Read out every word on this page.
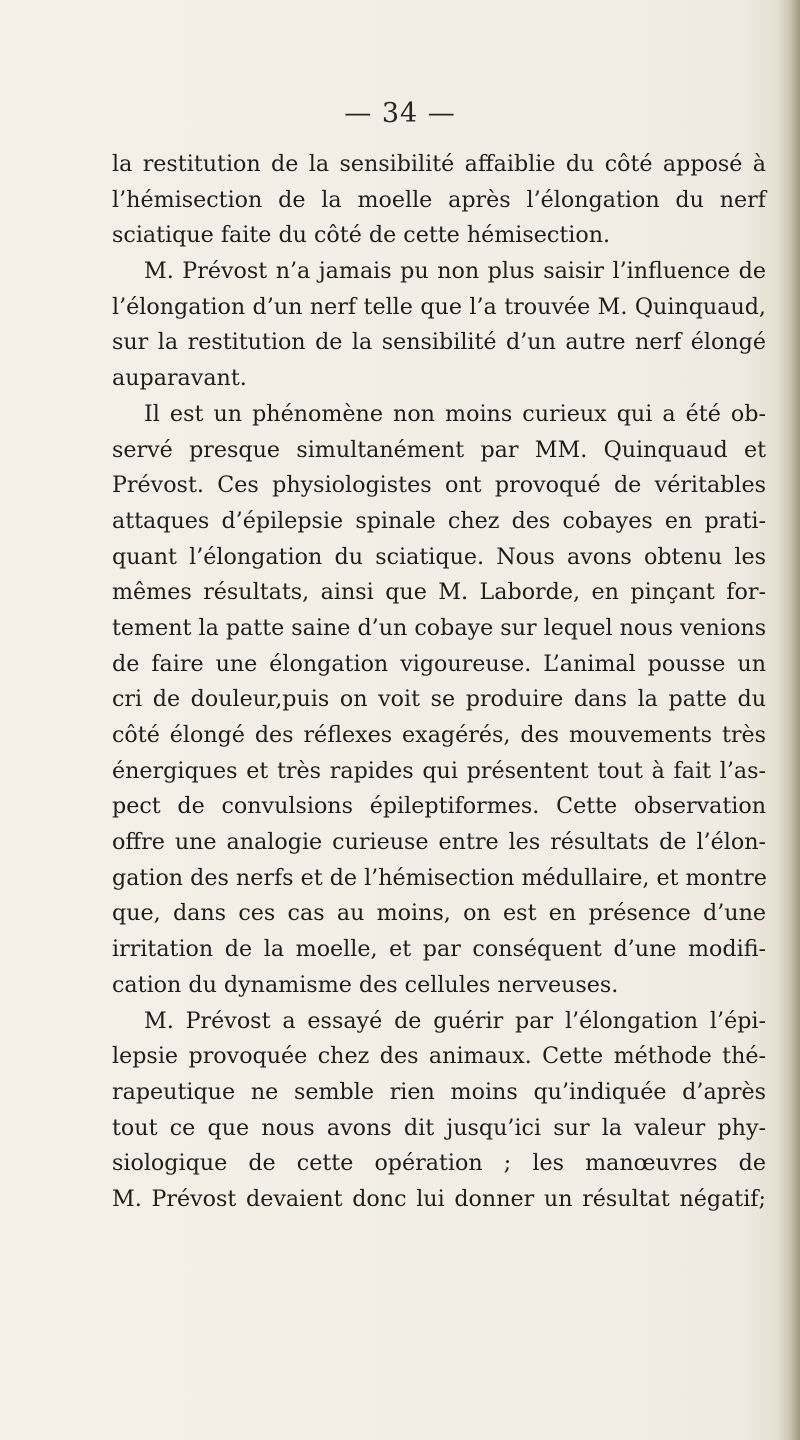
— 34 —
la restitution de la sensibilité affaiblie du côté apposé à
l’hémisection de la moelle après l’élongation du nerf
sciatique faite du côté de cette hémisection.
M. Prévost n’a jamais pu non plus saisir l’influence de
l’élongation d’un nerf telle que l’a trouvée M. Quinquaud,
sur la restitution de la sensibilité d’un autre nerf élongé
auparavant.
Il est un phénomène non moins curieux qui a été ob-
servé presque simultanément par MM. Quinquaud et
Prévost. Ces physiologistes ont provoqué de véritables
attaques d’épilepsie spinale chez des cobayes en prati-
quant l’élongation du sciatique. Nous avons obtenu les
mêmes résultats, ainsi que M. Laborde, en pinçant for-
tement la patte saine d’un cobaye sur lequel nous venions
de faire une élongation vigoureuse. L’animal pousse un
cri de douleur,puis on voit se produire dans la patte du
côté élongé des réflexes exagérés, des mouvements très
énergiques et très rapides qui présentent tout à fait l’as-
pect de convulsions épileptiformes. Cette observation
offre une analogie curieuse entre les résultats de l’élon-
gation des nerfs et de l’hémisection médullaire, et montre
que, dans ces cas au moins, on est en présence d’une
irritation de la moelle, et par conséquent d’une modifi-
cation du dynamisme des cellules nerveuses.
M. Prévost a essayé de guérir par l’élongation l’épi-
lepsie provoquée chez des animaux. Cette méthode thé-
rapeutique ne semble rien moins qu’indiquée d’après
tout ce que nous avons dit jusqu’ici sur la valeur phy-
siologique de cette opération ; les manœuvres de
M. Prévost devaient donc lui donner un résultat négatif;
